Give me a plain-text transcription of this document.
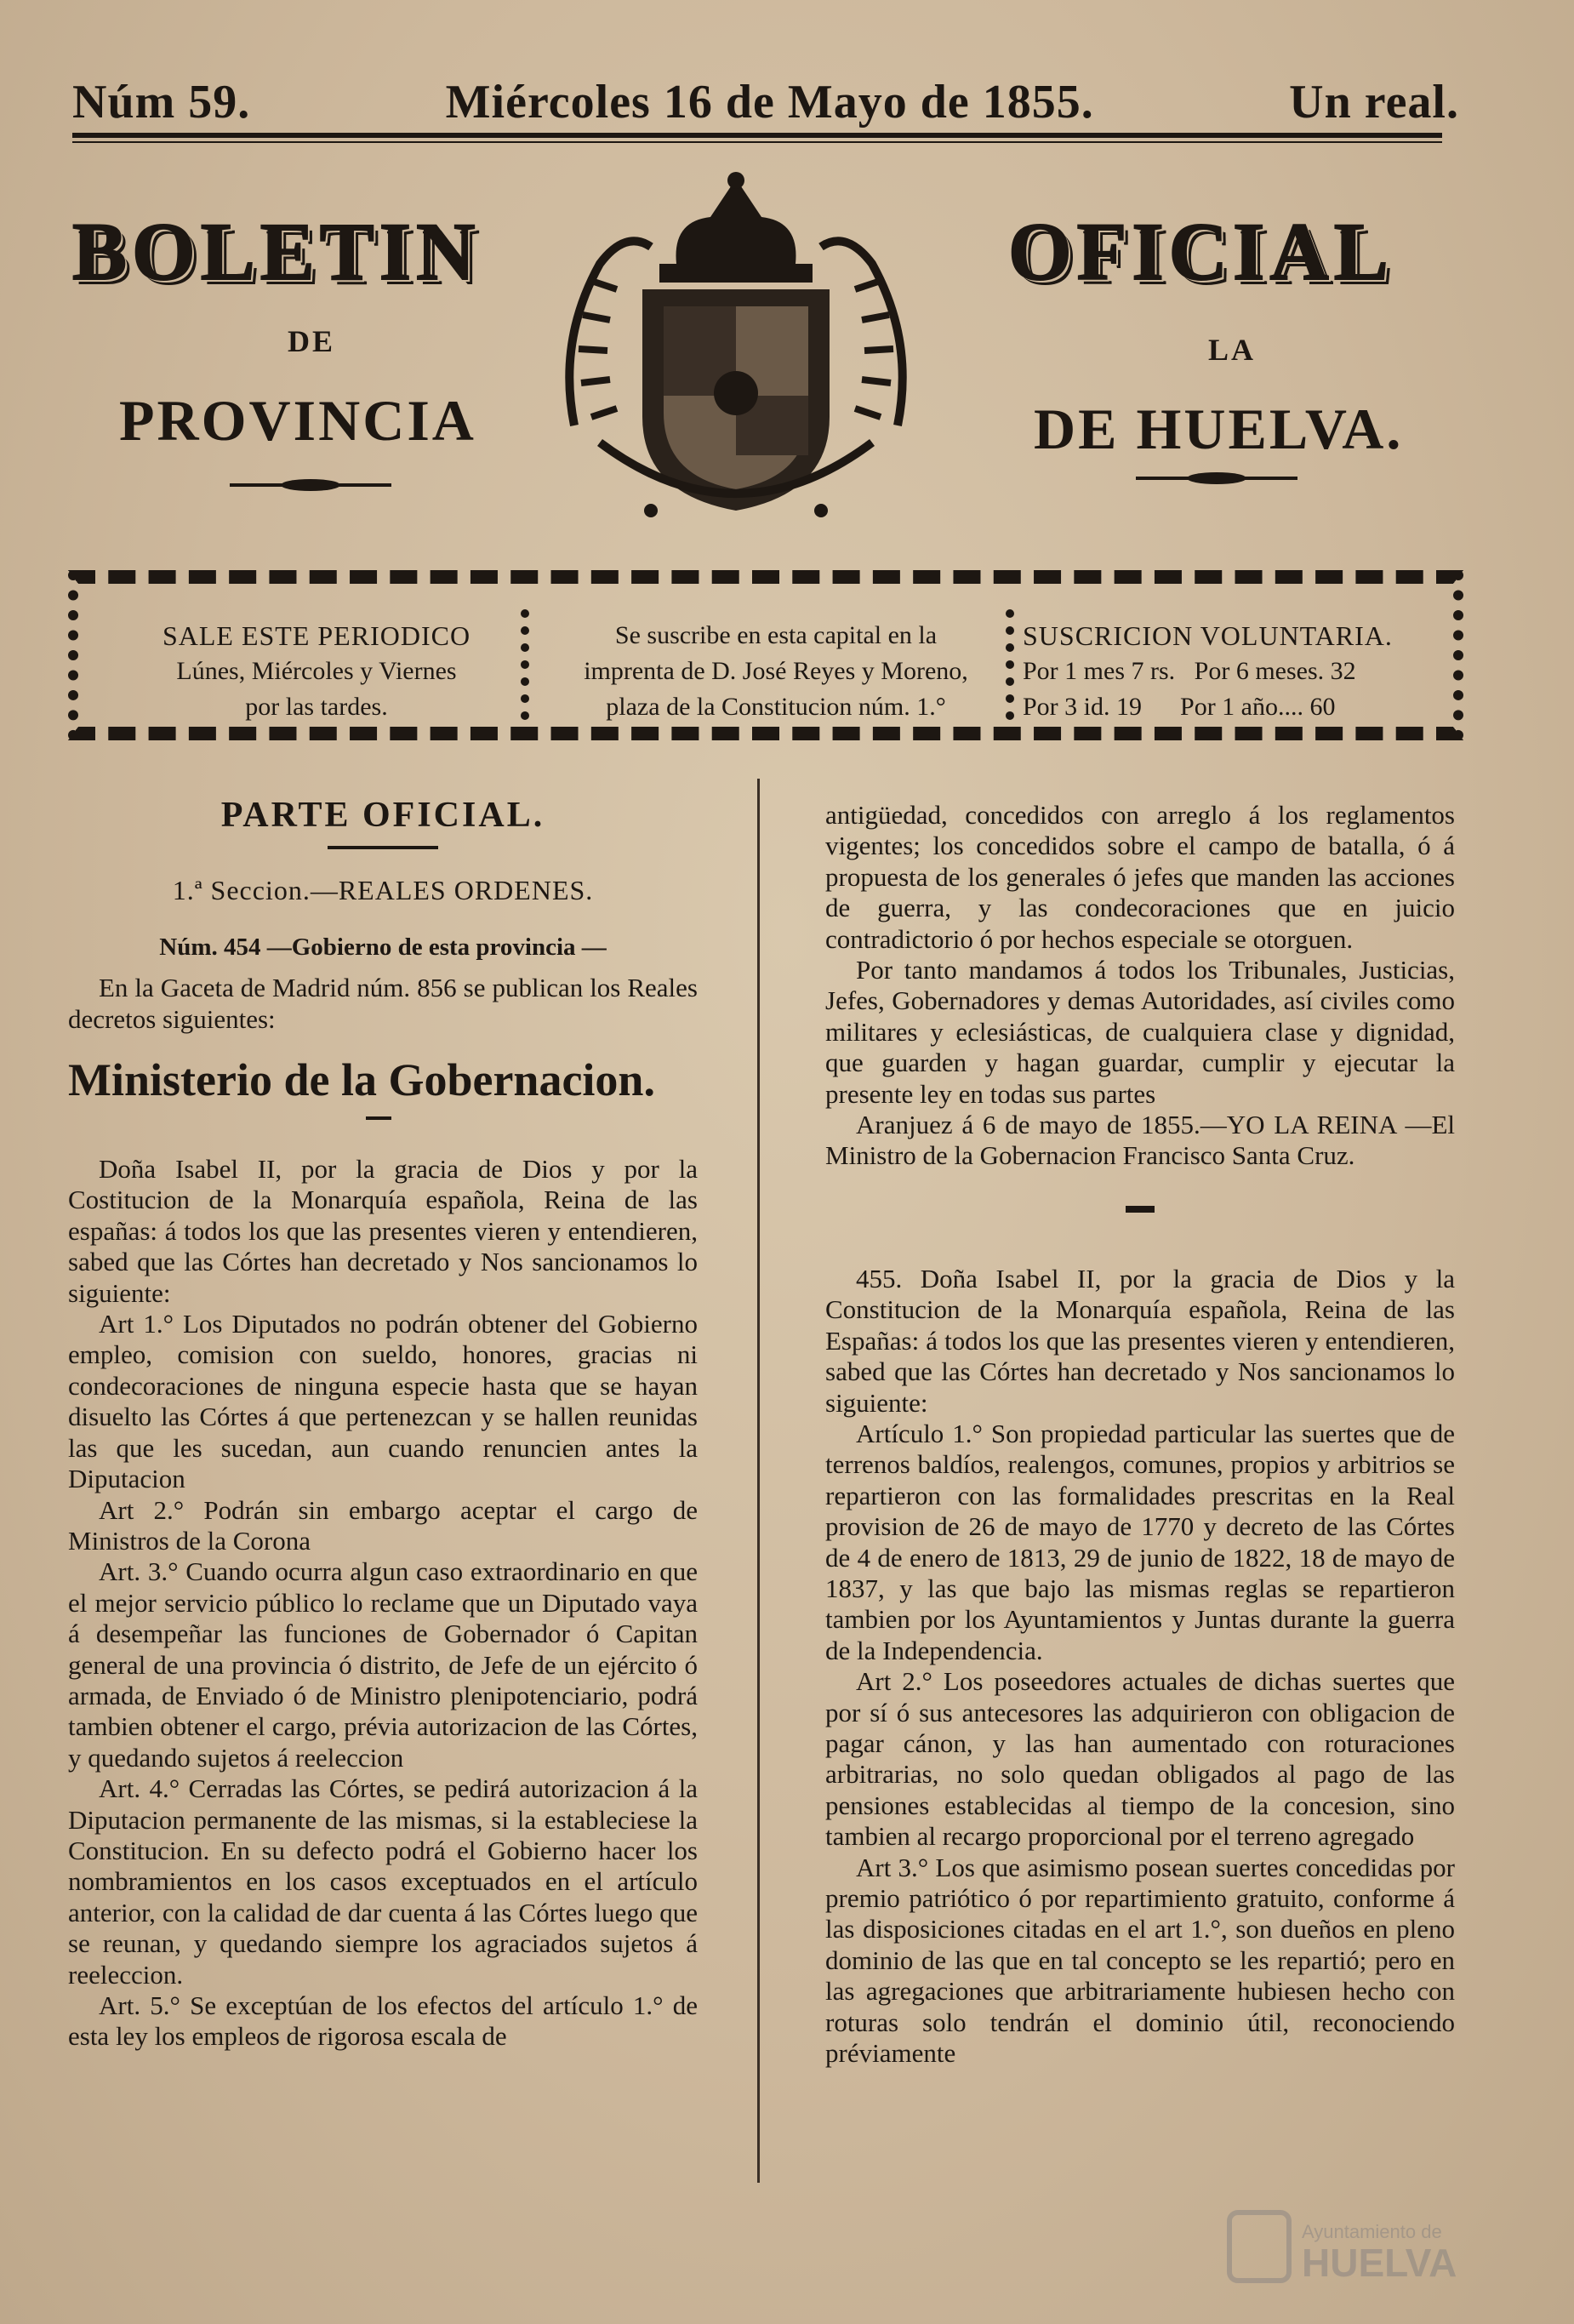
Núm 59.	Miércoles 16 de Mayo de 1855.	Un real.
BOLETIN	OFICIAL
DE	LA
PROVINCIA	DE HUELVA.
SALE ESTE PERIODICO
Lúnes, Miércoles y Viernes
por las tardes.
Se suscribe en esta capital en la
imprenta de D. José Reyes y Moreno,
plaza de la Constitucion núm. 1.°
SUSCRICION VOLUNTARIA.
Por 1 mes 7 rs.   Por 6 meses. 32
Por 3 id. 19      Por 1 año.... 60
PARTE OFICIAL.
1.ª Seccion.—REALES ORDENES.
Núm. 454 —Gobierno de esta provincia —

En la Gaceta de Madrid núm. 856 se publican los Reales decretos siguientes:

Ministerio de la Gobernacion.

Doña Isabel II, por la gracia de Dios y por la Costitucion de la Monarquía española, Reina de las españas: á todos los que las presentes vieren y entendieren, sabed que las Córtes han decretado y Nos sancionamos lo siguiente:

Art 1.° Los Diputados no podrán obtener del Gobierno empleo, comision con sueldo, honores, gracias ni condecoraciones de ninguna especie hasta que se hayan disuelto las Córtes á que pertenezcan y se hallen reunidas las que les sucedan, aun cuando renuncien antes la Diputacion

Art 2.° Podrán sin embargo aceptar el cargo de Ministros de la Corona

Art. 3.° Cuando ocurra algun caso extraordinario en que el mejor servicio público lo reclame que un Diputado vaya á desempeñar las funciones de Gobernador ó Capitan general de una provincia ó distrito, de Jefe de un ejército ó armada, de Enviado ó de Ministro plenipotenciario, podrá tambien obtener el cargo, prévia autorizacion de las Córtes, y quedando sujetos á reeleccion

Art. 4.° Cerradas las Córtes, se pedirá autorizacion á la Diputacion permanente de las mismas, si la estableciese la Constitucion. En su defecto podrá el Gobierno hacer los nombramientos en los casos exceptuados en el artículo anterior, con la calidad de dar cuenta á las Córtes luego que se reunan, y quedando siempre los agraciados sujetos á reeleccion.

Art. 5.° Se exceptúan de los efectos del artículo 1.° de esta ley los empleos de rigorosa escala de

antigüedad, concedidos con arreglo á los reglamentos vigentes; los concedidos sobre el campo de batalla, ó á propuesta de los generales ó jefes que manden las acciones de guerra, y las condecoraciones que en juicio contradictorio ó por hechos especiale se otorguen.

Por tanto mandamos á todos los Tribunales, Justicias, Jefes, Gobernadores y demas Autoridades, así civiles como militares y eclesiásticas, de cualquiera clase y dignidad, que guarden y hagan guardar, cumplir y ejecutar la presente ley en todas sus partes

Aranjuez á 6 de mayo de 1855.—YO LA REINA —El Ministro de la Gobernacion Francisco Santa Cruz.

455. Doña Isabel II, por la gracia de Dios y la Constitucion de la Monarquía española, Reina de las Españas: á todos los que las presentes vieren y entendieren, sabed que las Córtes han decretado y Nos sancionamos lo siguiente:

Artículo 1.° Son propiedad particular las suertes que de terrenos baldíos, realengos, comunes, propios y arbitrios se repartieron con las formalidades prescritas en la Real provision de 26 de mayo de 1770 y decreto de las Córtes de 4 de enero de 1813, 29 de junio de 1822, 18 de mayo de 1837, y las que bajo las mismas reglas se repartieron tambien por los Ayuntamientos y Juntas durante la guerra de la Independencia.

Art 2.° Los poseedores actuales de dichas suertes que por sí ó sus antecesores las adquirieron con obligacion de pagar cánon, y las han aumentado con roturaciones arbitrarias, no solo quedan obligados al pago de las pensiones establecidas al tiempo de la concesion, sino tambien al recargo proporcional por el terreno agregado

Art 3.° Los que asimismo posean suertes concedidas por premio patriótico ó por repartimiento gratuito, conforme á las disposiciones citadas en el art 1.°, son dueños en pleno dominio de las que en tal concepto se les repartió; pero en las agregaciones que arbitrariamente hubiesen hecho con roturas solo tendrán el dominio útil, reconociendo préviamente

Ayuntamiento de
HUELVA
